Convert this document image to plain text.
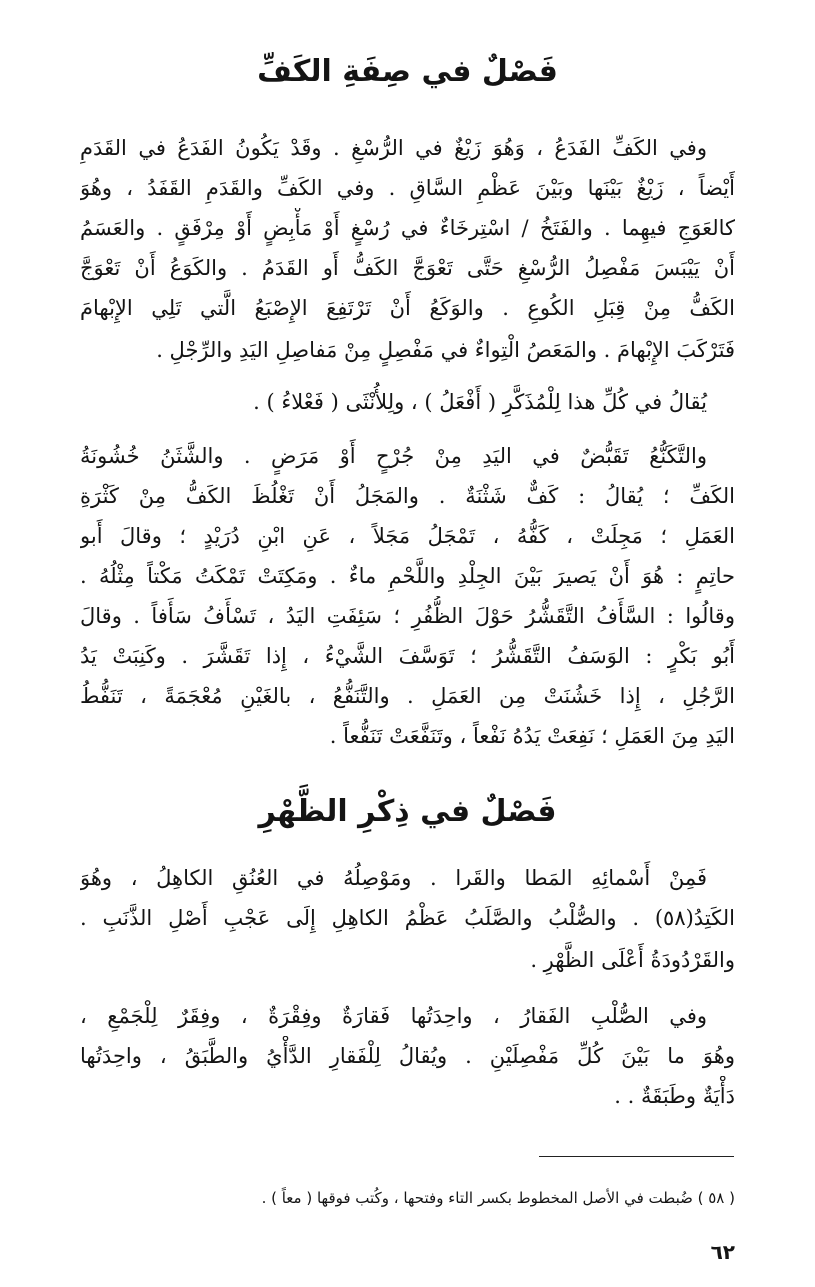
فَصْلٌ في صِفَةِ الكَفِّ
وفي الكَفِّ الفَدَعُ ، وَهُوَ زَيْغٌ في الرُّسْغِ . وقَدْ يَكُونُ الفَدَعُ في القَدَمِ
أَيْضاً ، زَيْغٌ بَيْنَها وبَيْنَ عَظْمِ السَّاقِ . وفي الكَفِّ والقَدَمِ القَفَدُ ، وهُوَ
كالعَوَجِ فيهِما . والفَتَخُ / اسْتِرخَاءٌ في رُسْغٍ أَوْ مَأْبِضٍ أَوْ مِرْفَقٍ . والعَسَمُ
أَنْ يَيْبَسَ مَفْصِلُ الرُّسْغِ حَتَّى تَعْوَجَّ الكَفُّ أَو القَدَمُ . والكَوَعُ أَنْ تَعْوَجَّ
الكَفُّ مِنْ قِبَلِ الكُوعِ . والوَكَعُ أَنْ تَرْتَفِعَ الإِصْبَعُ الَّتي تَلِي الإِبْهامَ
فَتَرْكَبَ الإِبْهامَ . والمَعَصُ الْتِواءٌ في مَفْصِلٍ مِنْ مَفاصِلِ اليَدِ والرِّجْلِ .
يُقالُ في كُلِّ هذا لِلْمُذَكَّرِ ( أَفْعَلُ ) ، ولِلأُنْثَى ( فَعْلاءُ ) .
والتَّكَنُّعُ تَقَبُّضٌ في اليَدِ مِنْ جُرْحٍ أَوْ مَرَضٍ . والشَّثَنُ خُشُونَةُ
الكَفِّ ؛ يُقالُ : كَفٌّ شَثْنَةٌ . والمَجَلُ أَنْ تَغْلُظَ الكَفُّ مِنْ كَثْرَةِ
العَمَلِ ؛ مَجِلَتْ ، كَفُّهُ ، تَمْجَلُ مَجَلاً ، عَنِ ابْنِ دُرَيْدٍ ؛ وقالَ أَبو
حاتِمٍ : هُوَ أَنْ يَصيرَ بَيْنَ الجِلْدِ واللَّحْمِ ماءٌ . ومَكِتَتْ تَمْكَتُ مَكْتاً مِثْلُهُ .
وقالُوا : السَّأَفُ التَّقَشُّرُ حَوْلَ الظُّفُرِ ؛ سَئِفَتِ اليَدُ ، تَسْأَفُ سَأَفاً . وقالَ
أَبُو بَكْرٍ : الوَسَفُ التَّقَشُّرُ ؛ تَوَسَّفَ الشَّيْءُ ، إِذا تَقَشَّرَ . وكَنِبَتْ يَدُ
الرَّجُلِ ، إِذا خَشُنَتْ مِن العَمَلِ . والتَّنَفُّعُ ، بالغَيْنِ مُعْجَمَةً ، تَنَفُّطُ
اليَدِ مِنَ العَمَلِ ؛ نَفِعَتْ يَدُهُ نَفْعاً ، وتَنَفَّعَتْ تَنَفُّعاً .
فَصْلٌ في ذِكْرِ الظَّهْرِ
فَمِنْ أَسْمائِهِ المَطا والقَرا . ومَوْصِلُهُ في العُنُقِ الكاهِلُ ، وهُوَ
الكَتِدُ(٥٨) . والصُّلْبُ والصَّلَبُ عَظْمُ الكاهِلِ إِلَى عَجْبِ أَصْلِ الذَّنَبِ .
والقَرْدُودَةُ أَعْلَى الظَّهْرِ .
وفي الصُّلْبِ الفَقارُ ، واحِدَتُها فَقارَةٌ وفِقْرَةٌ ، وفِقَرٌ لِلْجَمْعِ ،
وهُوَ ما بَيْنَ كُلِّ مَفْصِلَيْنِ . ويُقالُ لِلْفَقارِ الدَّأْيُ والطَّبَقُ ، واحِدَتُها
دَأْيَةٌ وطَبَقَةٌ . .
( ٥٨ ) ضُبطت في الأصل المخطوط بكسر التاء وفتحها ، وكُتب فوقها ( معاً ) .
٦٢
